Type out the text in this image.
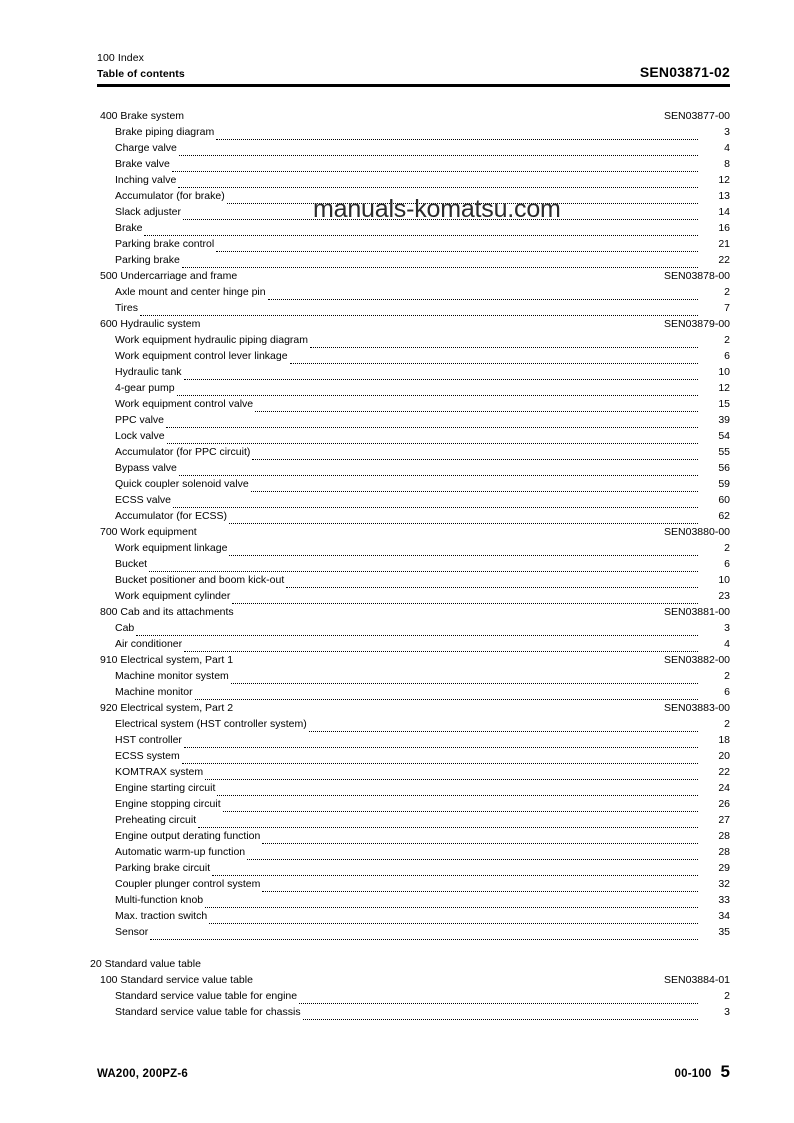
100 Index
Table of contents	SEN03871-02
400 Brake system	SEN03877-00
Brake piping diagram	3
Charge valve	4
Brake valve	8
Inching valve	12
Accumulator (for brake)	13
Slack adjuster	14
Brake	16
Parking brake control	21
Parking brake	22
500 Undercarriage and frame	SEN03878-00
Axle mount and center hinge pin	2
Tires	7
600 Hydraulic system	SEN03879-00
Work equipment hydraulic piping diagram	2
Work equipment control lever linkage	6
Hydraulic tank	10
4-gear pump	12
Work equipment control valve	15
PPC valve	39
Lock valve	54
Accumulator (for PPC circuit)	55
Bypass valve	56
Quick coupler solenoid valve	59
ECSS valve	60
Accumulator (for ECSS)	62
700 Work equipment	SEN03880-00
Work equipment linkage	2
Bucket	6
Bucket positioner and boom kick-out	10
Work equipment cylinder	23
800 Cab and its attachments	SEN03881-00
Cab	3
Air conditioner	4
910 Electrical system, Part 1	SEN03882-00
Machine monitor system	2
Machine monitor	6
920 Electrical system, Part 2	SEN03883-00
Electrical system (HST controller system)	2
HST controller	18
ECSS system	20
KOMTRAX system	22
Engine starting circuit	24
Engine stopping circuit	26
Preheating circuit	27
Engine output derating function	28
Automatic warm-up function	28
Parking brake circuit	29
Coupler plunger control system	32
Multi-function knob	33
Max. traction switch	34
Sensor	35
20 Standard value table
100 Standard service value table	SEN03884-01
Standard service value table for engine	2
Standard service value table for chassis	3
manuals-komatsu.com
WA200, 200PZ-6	00-100 5
